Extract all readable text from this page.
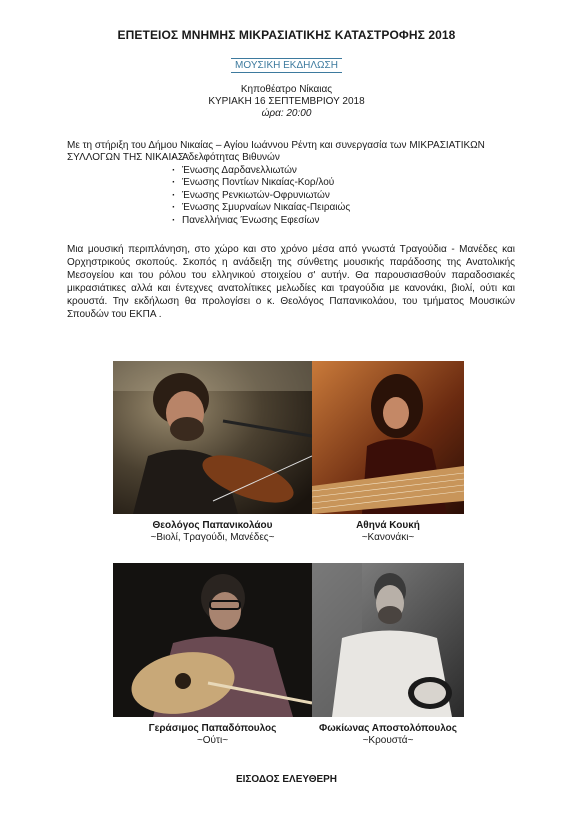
ΕΠΕΤΕΙΟΣ ΜΝΗΜΗΣ ΜΙΚΡΑΣΙΑΤΙΚΗΣ ΚΑΤΑΣΤΡΟΦΗΣ 2018
ΜΟΥΣΙΚΗ ΕΚΔΗΛΩΣΗ
Κηποθέατρο Νίκαιας
ΚΥΡΙΑΚΗ 16 ΣΕΠΤΕΜΒΡΙΟΥ 2018
ώρα: 20:00
Με τη στήριξη του Δήμου Νικαίας – Αγίου Ιωάννου Ρέντη και συνεργασία των ΜΙΚΡΑΣΙΑΤΙΚΩΝ
ΣΥΛΛΟΓΩΝ ΤΗΣ ΝΙΚΑΙΑΣ :
· Αδελφότητας Βιθυνών
· Ένωσης Δαρδανελλιωτών
· Ένωσης Ποντίων Νικαίας-Κορ/λού
· Ένωσης Ρενκιωτών-Οφρυνιωτών
· Ένωσης Σμυρναίων Νικαίας-Πειραιώς
· Πανελλήνιας Ένωσης Εφεσίων
Μια μουσική περιπλάνηση, στο χώρο και στο χρόνο μέσα από γνωστά Τραγούδια - Μανέδες και Ορχηστρικούς σκοπούς. Σκοπός η ανάδειξη της σύνθετης μουσικής παράδοσης της Ανατολικής Μεσογείου και του ρόλου του ελληνικού στοιχείου σ' αυτήν. Θα παρουσιασθούν παραδοσιακές μικρασιάτικες αλλά και έντεχνες ανατολίτικες μελωδίες και τραγούδια με κανονάκι, βιολί, ούτι και κρουστά. Την εκδήλωση θα προλογίσει ο κ. Θεολόγος Παπανικολάου, του τμήματος Μουσικών Σπουδών του ΕΚΠΑ .
Θεολόγος Παπανικολάου
~Βιολί, Τραγούδι, Μανέδες~
Αθηνά Κουκή
~Κανονάκι~
Γεράσιμος Παπαδόπουλος
~Ούτι~
Φωκίωνας Αποστολόπουλος
~Κρουστά~
ΕΙΣΟΔΟΣ ΕΛΕΥΘΕΡΗ
